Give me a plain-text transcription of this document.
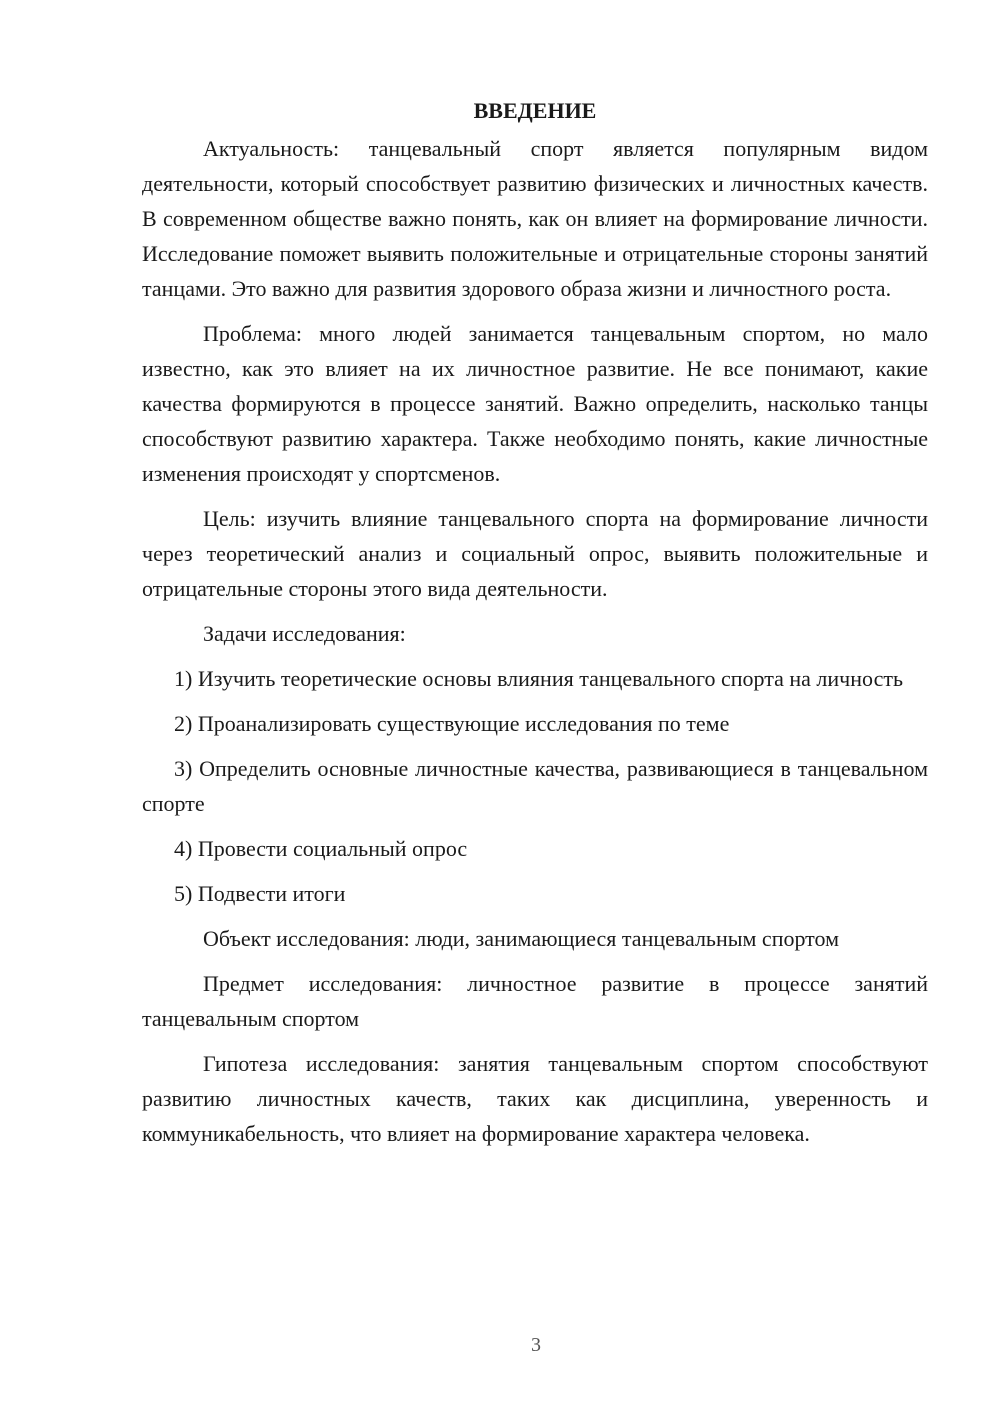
ВВЕДЕНИЕ

Актуальность: танцевальный спорт является популярным видом деятельности, который способствует развитию физических и личностных качеств. В современном обществе важно понять, как он влияет на формирование личности. Исследование поможет выявить положительные и отрицательные стороны занятий танцами. Это важно для развития здорового образа жизни и личностного роста.

Проблема: много людей занимается танцевальным спортом, но мало известно, как это влияет на их личностное развитие. Не все понимают, какие качества формируются в процессе занятий. Важно определить, насколько танцы способствуют развитию характера. Также необходимо понять, какие личностные изменения происходят у спортсменов.

Цель: изучить влияние танцевального спорта на формирование личности через теоретический анализ и социальный опрос, выявить положительные и отрицательные стороны этого вида деятельности.

Задачи исследования:

1) Изучить теоретические основы влияния танцевального спорта на личность

2) Проанализировать существующие исследования по теме

3) Определить основные личностные качества, развивающиеся в танцевальном спорте

4) Провести социальный опрос

5) Подвести итоги

Объект исследования: люди, занимающиеся танцевальным спортом

Предмет исследования: личностное развитие в процессе занятий танцевальным спортом

Гипотеза исследования: занятия танцевальным спортом способствуют развитию личностных качеств, таких как дисциплина, уверенность и коммуникабельность, что влияет на формирование характера человека.

3
